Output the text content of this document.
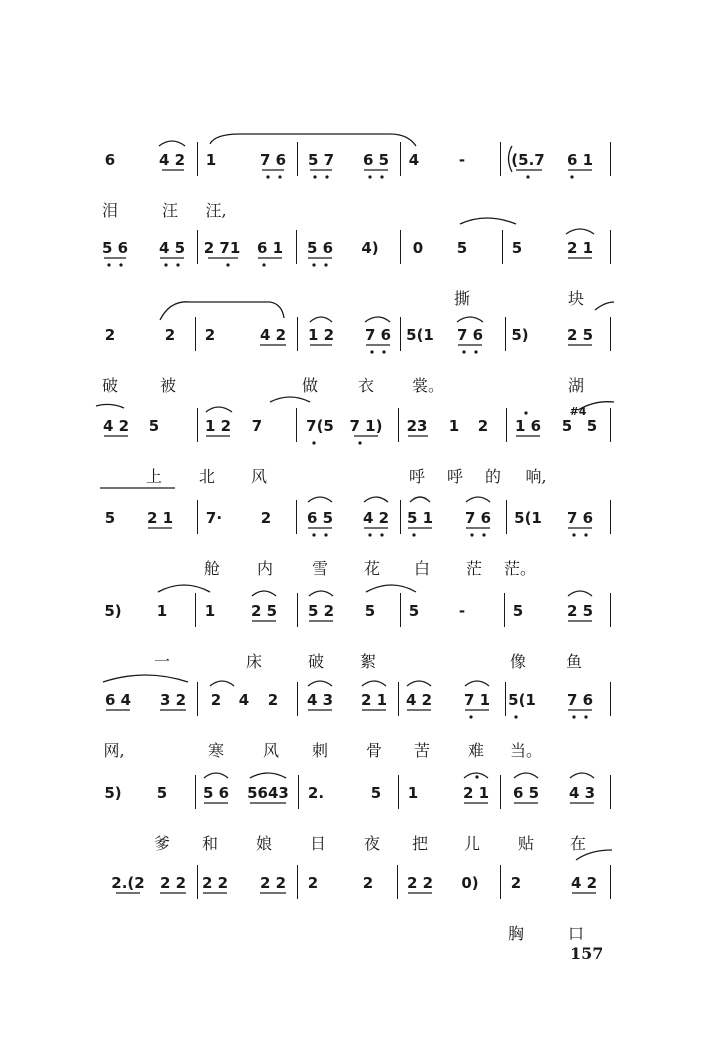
6	4 2 1	7 6 5 7 6 5 4	-	(5.7 6 1
泪	汪 汪,
5 6 4 5 2 71 6 1 5 6 4) 0 5	5	2 1
撕	块
2	2 2	4 2 1 2 7 6 5(1 7 6 5)	2 5
破	被	做 衣 裳。	湖
4 2 5	1 2 7	7(5 7 1) 23 1 2 1 6 5 5
#4
上 北 风	呼 呼 的 响,
5 2 1 7·	2 6 5 4 2 5 1 7 6 5(1 7 6
舱 内 雪 花 白 茫 茫。
5) 1	1 2 5 5 2 5 5	-	5	2 5
一	床	破 絮	像 鱼
6 4 3 2 2 4 2 4 3 2 1 4 2 7 1 5(1 7 6
网,	寒 风 刺 骨 苦 难 当。
5) 5 5 6 5643 2.	5 1	2 1 6 5 4 3
爹 和 娘 日 夜 把 儿 贴 在
2.(2 2 2 2 2 2 2 2	2 2 2 0) 2	4 2
胸	口
157
